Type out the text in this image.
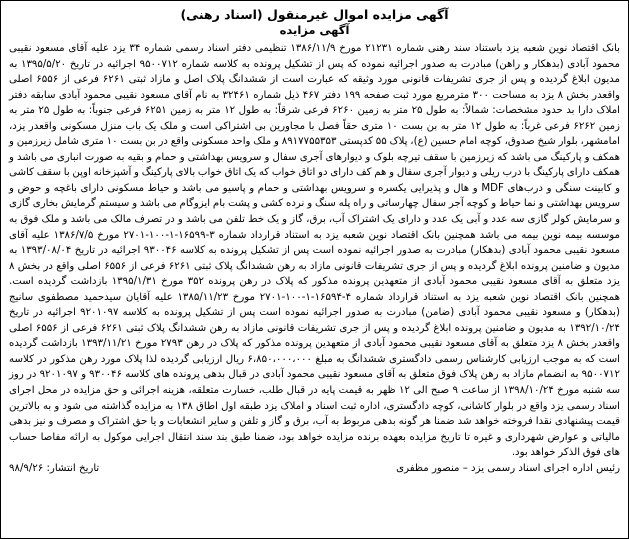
آگهی مزایده اموال غیرمنقول (اسناد رهنی)

آگهی مزایده

بانک اقتصاد نوین شعبه یزد باستناد سند رهنی شماره ۲۱۲۳۱ مورخ ۱۳۸۶/۱۱/۹ تنظیمی دفتر اسناد رسمی شماره ۳۴ یزد علیه آقای مسعود نقیبی محمود آبادی (بدهکار و راهن) مبادرت به صدور اجرائیه نموده که پس از تشکیل پرونده به کلاسه شماره ۹۵۰۰۷۱۲ اجرائیه در تاریخ ۱۳۹۵/۵/۲۰ به مدیون ابلاغ گردیده و پس از جری تشریفات قانونی مورد وثیقه که عبارت است از ششدانگ پلاک اصل و مازاد ثبتی ۶۲۶۱ فرعی از ۶۵۵۶ اصلی واقعدر بخش ۸ یزد به مساحت ۳۰۰ مترمربع مورد ثبت صفحه ۱۹۹ دفتر ۴۶۷ ذیل شماره ۳۲۴۶۱ به نام آقای مسعود نقیبی محمود آبادی سابقه دفتر املاک دارا بد حدود مشخصات: شمالاً: به طول ۲۵ متر به زمین ۶۲۶۰ فرعی شرقاً: به طول ۱۲ متر به زمین ۶۲۵۱ فرعی جنوباً: به طول ۲۵ متر به زمین ۶۲۶۲ فرعی غرباً: به طول ۱۲ متر به بن بست ۱۰ متری حقاً فصل با مجاورین بی اشتراکی است و ملک یک باب منزل مسکونی واقعدر یزد، امامشهر، بلوار شیخ صدوق، کوچه امام حسین (ع)، پلاک ۵۵ کدپستی ۸۹۱۷۷۵۵۳۵۳ و ملک واحد مسکونی واقع در بن بست ۱۰ متری شامل زیرزمین و همکف و پارکینگ می باشد که زیرزمین با سقف تیرچه بلوک و دیوارهای آجری سفال و سرویس بهداشتی و حمام و بقیه به صورت انباری می باشد و همکف دارای پارکینگ با درب ریلی و دیوار آجری سفال و هم کف دارای دو اتاق خواب که یک اتاق خواب بالای پارکینگ و آشپزخانه اوپن با سقف کاشی و کابینت سنگی و درب‌های MDF و هال و پذیرایی یکسره و سرویس بهداشتی و حمام و پاسیو می باشد و حیاط مسکونی دارای باغچه و حوض و سرویس بهداشتی و نما حیاط و کوچه آجر سفال چهارساتی و راه پله سنگ و نرده کشی و پشت بام ایزوگام می باشد و سیستم گرمایش بخاری گازی و سرمایش کولر گازی سه عدد و آبی یک عدد و دارای یک اشتراک آب، برق، گاز و یک خط تلفن می باشد و در تصرف مالک می باشد و ملک فوق به موسسه بیمه نوین بیمه می باشد همچنین بانک اقتصاد نوین شعبه یزد به استناد قرارداد شماره ۳-۱۶۵۹۹-۱-۱۰۰-۲۷۰۱ مورخ ۱۳۸۶/۷/۵ علیه آقای مسعود نقیبی محمود آبادی (بدهکار) مبادرت به صدور اجرائیه نموده است پس از تشکیل پرونده به کلاسه ۹۳۰۰۴۶ اجرائیه در تاریخ ۱۳۹۳/۰۸/۰۴ به مدیون و ضامنین پرونده ابلاغ گردیده و پس از جری تشریفات قانونی مازاد به رهن ششدانگ پلاک ثبتی ۶۲۶۱ فرعی از ۶۵۵۶ اصلی واقع در بخش ۸ یزد متعلق به آقای مسعود نقیبی محمود آبادی از متعهدین پرونده مذکور که پلاک در رهن پرونده ۳۵۲ مورخ ۱۳۹۵/۱/۳۱ بازداشت گردیده است. همچنین بانک اقتصاد نوین شعبه یزد به استناد قرارداد شماره ۴-۱۶۵۹۴-۱-۱۰۰-۲۷۰۱ مورخ ۱۳۸۵/۱۱/۲۳ علیه آقایان سیدحمید مصطفوی سانیج (بدهکار) و مسعود نقیبی محمود آبادی (ضامن) مبادرت به صدور اجرائیه نموده است پس از تشکیل پرونده به کلاسه ۹۲۰۱۰۹۷ اجرائیه در تاریخ ۱۳۹۲/۱۰/۲۴ به مدیون و ضامنین پرونده ابلاغ گردیده و پس از جری تشریفات قانونی مازاد به رهن ششدانگ پلاک ثبتی ۶۲۶۱ فرعی از ۶۵۵۶ اصلی واقعدر بخش ۸ یزد متعلق به آقای مسعود نقیبی محمود آبادی از متعهدین پرونده مذکور که پلاک در رهن ۲۷۹۳ مورخ ۱۳۹۳/۱۱/۲۱ بازداشت گردیده است که به موجب ارزیابی کارشناس رسمی دادگستری ششدانگ به مبلغ ۶،۸۵۰،۰۰۰،۰۰۰ ریال ارزیابی گردیده لذا پلاک مورد رهن مذکور در کلاسه ۹۵۰۰۷۱۲ به انضمام مازاد به رهن پلاک فوق متعلق به آقای مسعود نقیبی محمود آبادی در قبال بدهی پرونده های کلاسه ۹۳۰۰۴۶ و ۹۲۰۱۰۹۷ در روز سه شنبه مورخ ۱۳۹۸/۱۰/۲۴ از ساعت ۹ صبح الی ۱۲ ظهر به قیمت پایه در قبال طلب، خسارت متعلقه، هزینه اجرائی و حق مزایده در محل اجرای اسناد رسمی یزد واقع در بلوار کاشانی، کوچه دادگستری، اداره ثبت اسناد و املاک یزد طبقه اول اطاق ۱۳۸ به مزایده گذاشته می شود و به بالاترین قیمت پیشنهادی نقدا فروخته خواهد شد ضمنا هر گونه بدهی مربوط به آب، برق و گاز و تلفن و سایر انشعابات و یا حق اشتراک و مصرف و نیز بدهی مالیاتی و عوارض شهرداری و غیره تا تاریخ مزایده بعهده برنده مزایده خواهد بود، ضمنا طبق بند سند انتقال اجرایی موکول به ارائه مفاصا حساب های فوق الذکر خواهد بود.

رئیس اداره اجرای اسناد رسمی یزد – منصور مظفری
تاریخ انتشار: ۹۸/۹/۲۶
